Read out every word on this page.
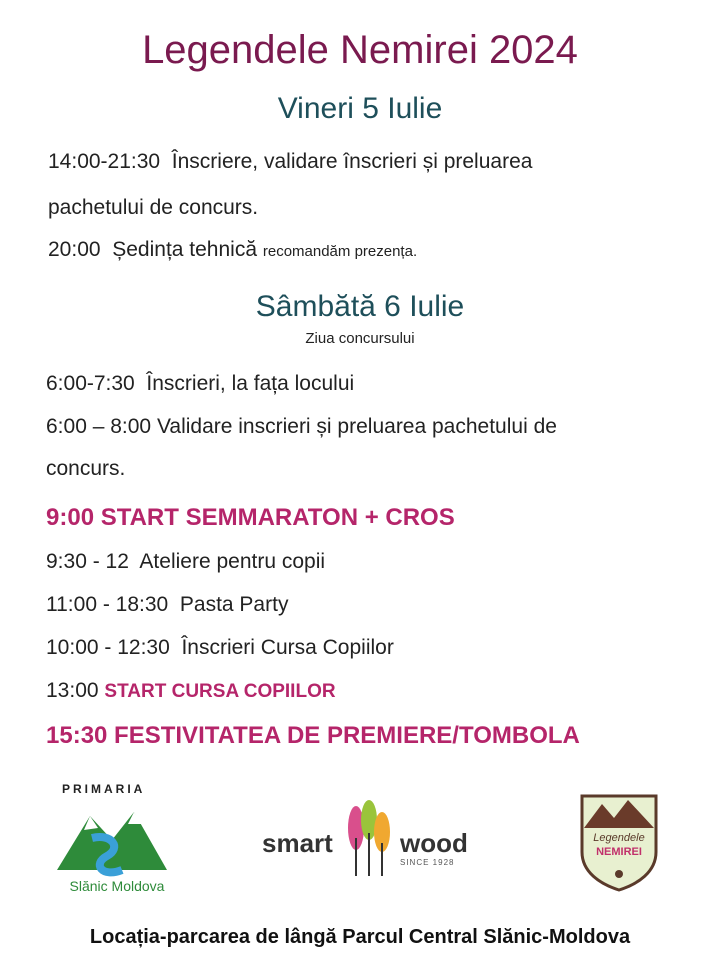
Legendele Nemirei 2024
Vineri 5 Iulie
14:00-21:30 Înscriere, validare înscrieri și preluarea
pachetului de concurs.
20:00 Ședința tehnică recomandăm prezența.
Sâmbătă 6 Iulie
Ziua concursului
6:00-7:30 Înscrieri, la fața locului
6:00 – 8:00 Validare inscrieri și preluarea pachetului de
concurs.
9:00 START SEMMARATON + CROS
9:30 - 12 Ateliere pentru copii
11:00 - 18:30 Pasta Party
10:00 - 12:30 Înscrieri Cursa Copiilor
13:00 START CURSA COPIILOR
15:30 FESTIVITATEA DE PREMIERE/TOMBOLA
PRIMARIA
Slănic Moldova
smart	wood
SINCE 1928
Legendele
NEMIREI
Locația-parcarea de lângă Parcul Central Slănic-Moldova
